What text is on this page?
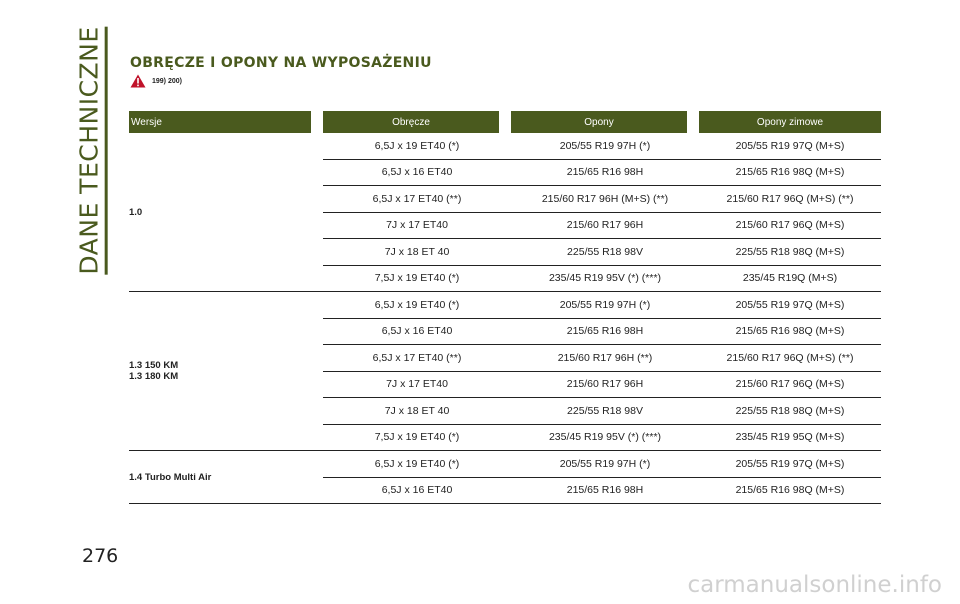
DANE TECHNICZNE OBRĘCZE I OPONY NA WYPOSAŻENIU
199) 200)
Wersje	Obręcze	Opony	Opony zimowe

1.0	6,5J x 19 ET40 (*)	205/55 R19 97H (*)	205/55 R19 97Q (M+S)
	6,5J x 16 ET40	215/65 R16 98H	215/65 R16 98Q (M+S)
	6,5J x 17 ET40 (**)	215/60 R17 96H (M+S) (**)	215/60 R17 96Q (M+S) (**)
	7J x 17 ET40	215/60 R17 96H	215/60 R17 96Q (M+S)
	7J x 18 ET 40	225/55 R18 98V	225/55 R18 98Q (M+S)
	7,5J x 19 ET40 (*)	235/45 R19 95V (*) (***)	235/45 R19Q (M+S)

1.3 150 KM
1.3 180 KM	6,5J x 19 ET40 (*)	205/55 R19 97H (*)	205/55 R19 97Q (M+S)
	6,5J x 16 ET40	215/65 R16 98H	215/65 R16 98Q (M+S)
	6,5J x 17 ET40 (**)	215/60 R17 96H (**)	215/60 R17 96Q (M+S) (**)
	7J x 17 ET40	215/60 R17 96H	215/60 R17 96Q (M+S)
	7J x 18 ET 40	225/55 R18 98V	225/55 R18 98Q (M+S)
	7,5J x 19 ET40 (*)	235/45 R19 95V (*) (***)	235/45 R19 95Q (M+S)

1.4 Turbo Multi Air	6,5J x 19 ET40 (*)	205/55 R19 97H (*)	205/55 R19 97Q (M+S)
	6,5J x 16 ET40	215/65 R16 98H	215/65 R16 98Q (M+S)
276
carmanualsonline.info
